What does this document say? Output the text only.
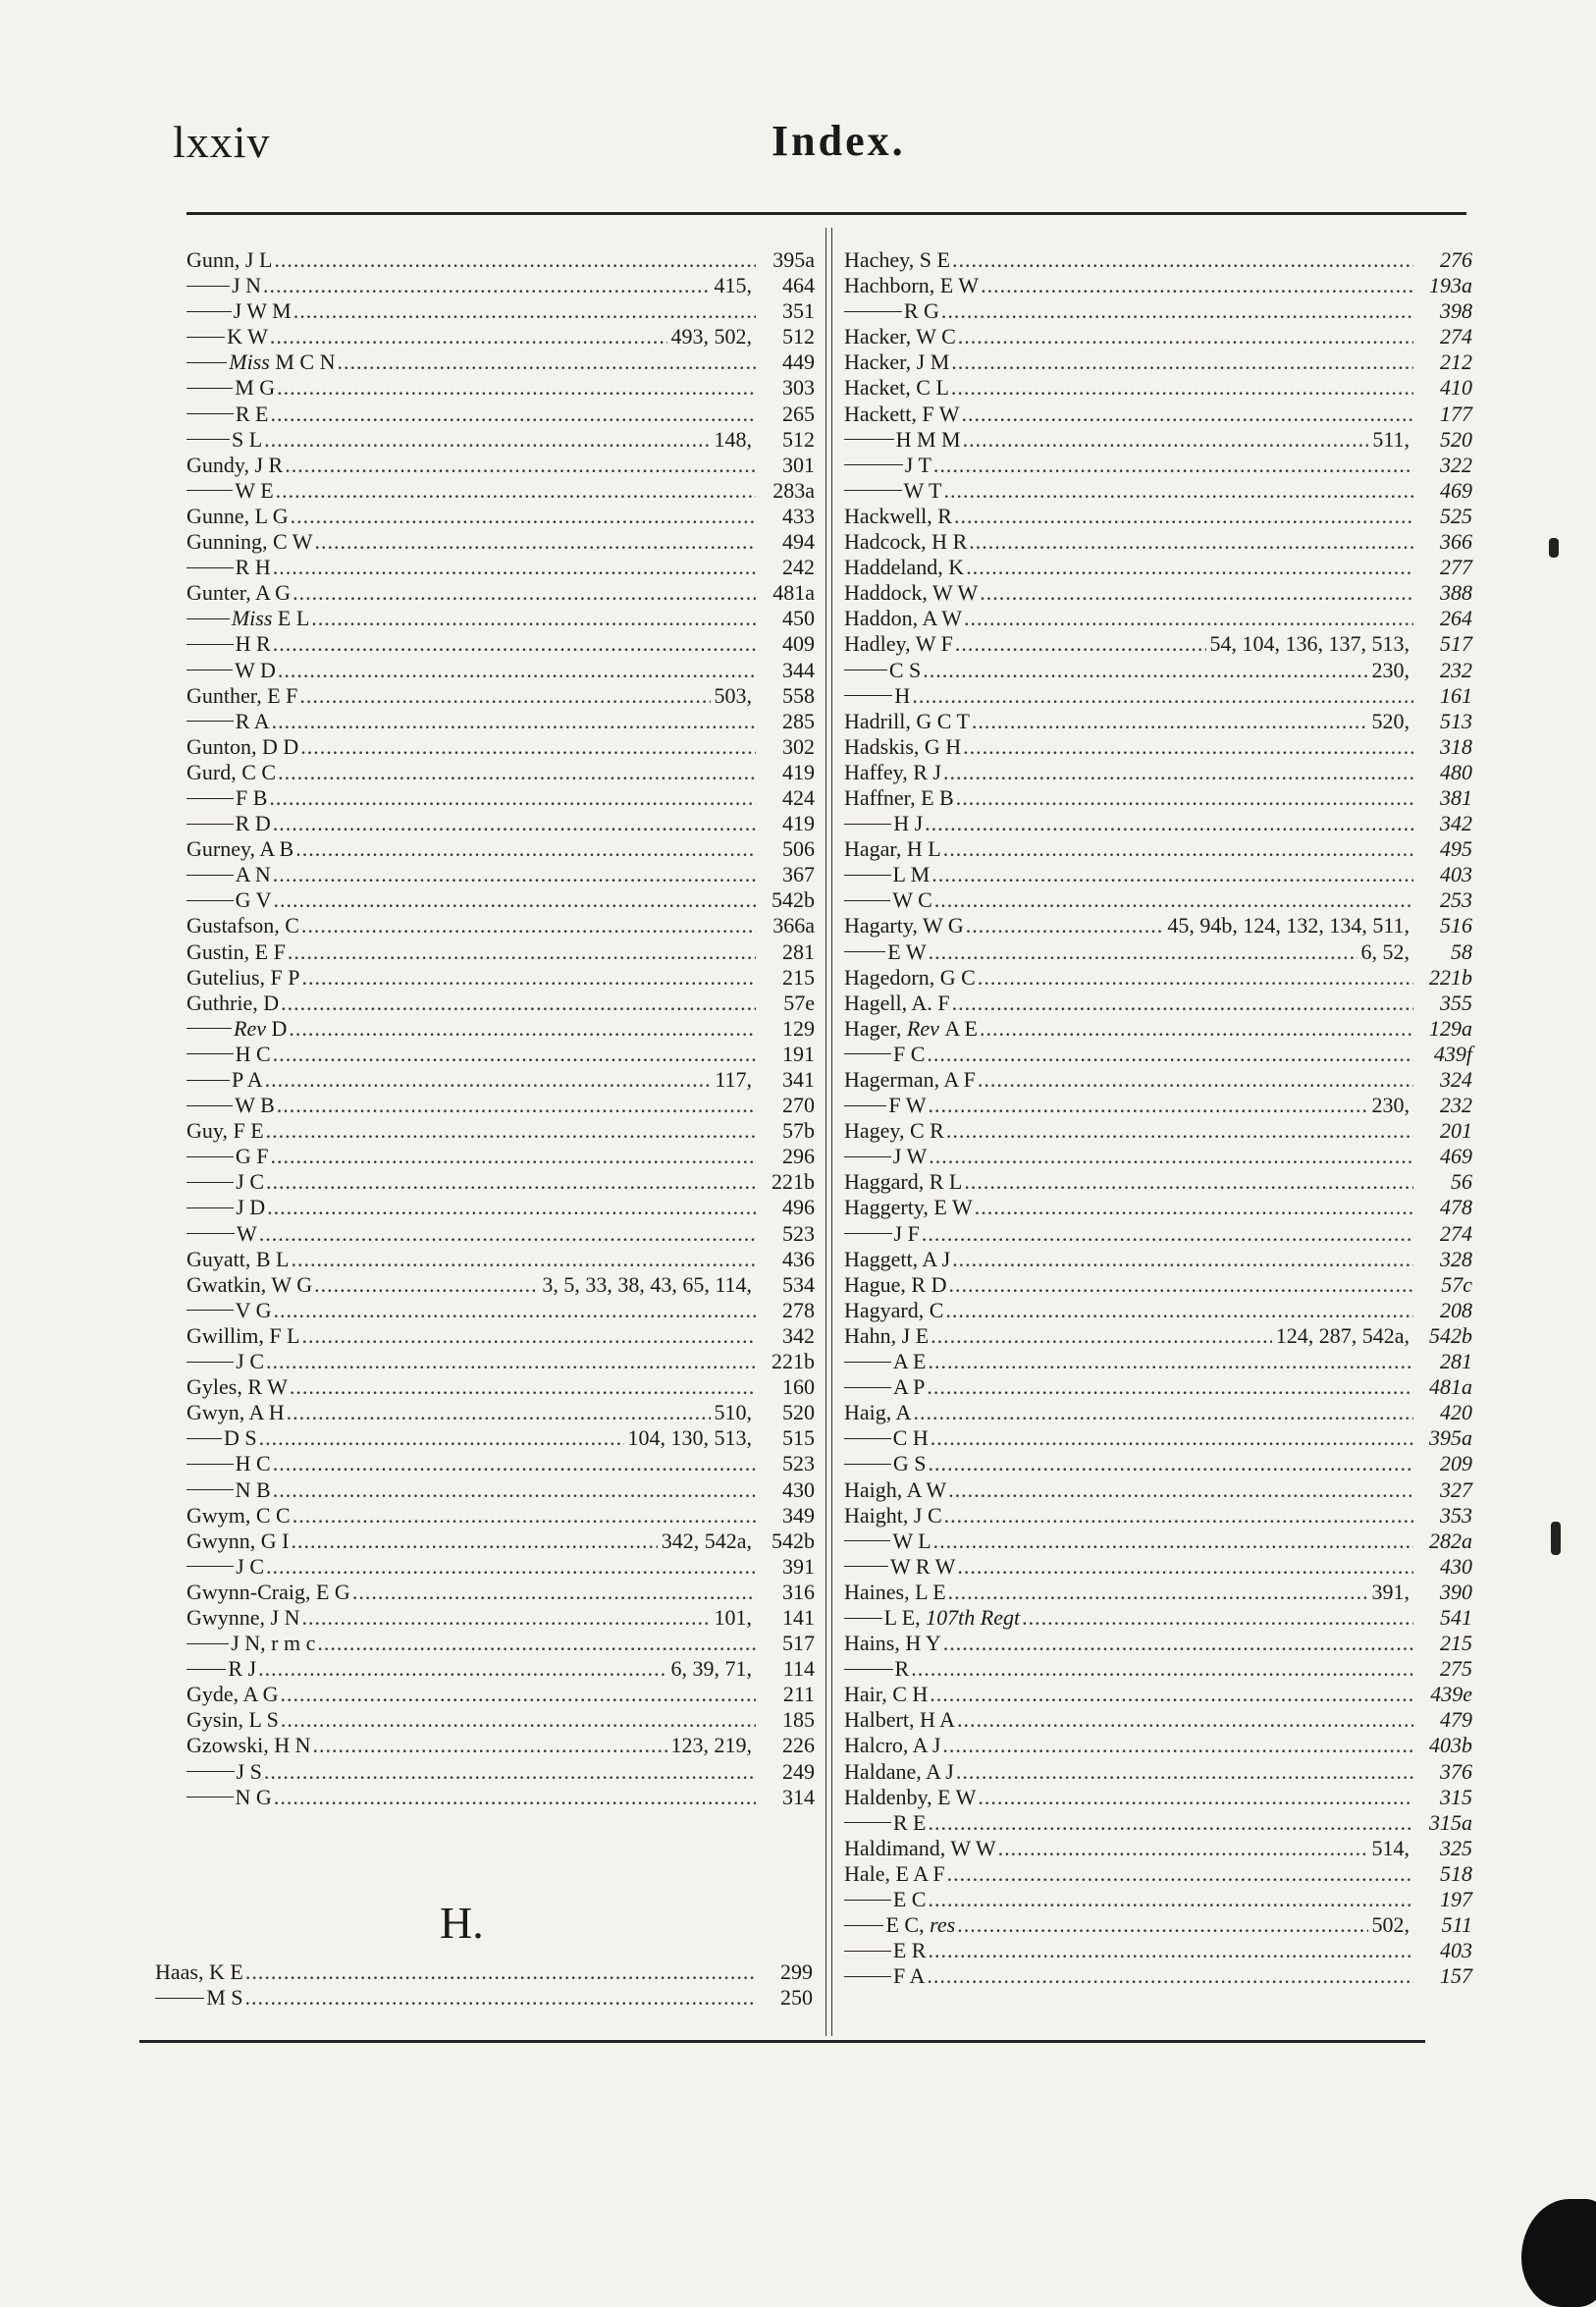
lxxiv	Index.
Gunn, J L .....	395a
J N .....	415,	464
J W M .....	351
K W .....	493, 502,	512
Miss M C N .....	449
M G .....	303
R E .....	265
S L .....	148,	512
Gundy, J R .....	301
W E .....	283a
Gunne, L G .....	433
Gunning, C W .....	494
R H .....	242
Gunter, A G .....	481a
Miss E L .....	450
H R .....	409
W D .....	344
Gunther, E F .....	503,	558
R A .....	285
Gunton, D D .....	302
Gurd, C C .....	419
F B .....	424
R D .....	419
Gurney, A B .....	506
A N .....	367
G V .....	542b
Gustafson, C .....	366a
Gustin, E F .....	281
Gutelius, F P .....	215
Guthrie, D .....	57e
Rev D .....	129
H C .....	191
P A .....	117,	341
W B .....	270
Guy, F E .....	57b
G F .....	296
J C .....	221b
J D .....	496
W .....	523
Guyatt, B L .....	436
Gwatkin, W G .....	3, 5, 33, 38, 43, 65, 114,	534
V G .....	278
Gwillim, F L .....	342
J C .....	221b
Gyles, R W .....	160
Gwyn, A H .....	510,	520
D S .....	104, 130, 513,	515
H C .....	523
N B .....	430
Gwym, C C .....	349
Gwynn, G I .....	342, 542a, 542b
J C .....	391
Gwynn-Craig, E G .....	316
Gwynne, J N .....	101,	141
J N, r m c .....	517
R J .....	6, 39, 71,	114
Gyde, A G .....	211
Gysin, L S .....	185
Gzowski, H N .....	123, 219,	226
J S .....	249
N G .....	314
Hachey, S E .....	276
Hachborn, E W .....	193a
R G .....	398
Hacker, W C .....	274
Hacker, J M .....	212
Hacket, C L .....	410
Hackett, F W .....	177
H M M .....	511,	520
J T .....	322
W T .....	469
Hackwell, R .....	525
Hadcock, H R .....	366
Haddeland, K .....	277
Haddock, W W .....	388
Haddon, A W .....	264
Hadley, W F .....	54, 104, 136, 137, 513,	517
C S .....	230,	232
H .....	161
Hadrill, G C T .....	520,	513
Hadskis, G H .....	318
Haffey, R J .....	480
Haffner, E B .....	381
H J .....	342
Hagar, H L .....	495
L M .....	403
W C .....	253
Hagarty, W G .....	45, 94b, 124, 132, 134, 511,	516
E W .....	6, 52,	58
Hagedorn, G C .....	221b
Hagell, A. F .....	355
Hager, Rev A E .....	129a
F C .....	439f
Hagerman, A F .....	324
F W .....	230,	232
Hagey, C R .....	201
J W .....	469
Haggard, R L .....	56
Haggerty, E W .....	478
J F .....	274
Haggett, A J .....	328
Hague, R D .....	57c
Hagyard, C .....	208
Hahn, J E .....	124, 287, 542a, 542b
A E .....	281
A P .....	481a
Haig, A .....	420
C H .....	395a
G S .....	209
Haigh, A W .....	327
Haight, J C .....	353
W L .....	282a
W R W .....	430
Haines, L E .....	391,	390
L E, 107th Regt .....	541
Hains, H Y .....	215
R .....	275
Hair, C H .....	439e
Halbert, H A .....	479
Halcro, A J .....	403b
Haldane, A J .....	376
Haldenby, E W .....	315
R E .....	315a
Haldimand, W W .....	514,	325
Hale, E A F .....	518
E C .....	197
E C, res .....	502,	511
E R .....	403
F A .....	157
H.
Haas, K E .....	299
M S .....	250
